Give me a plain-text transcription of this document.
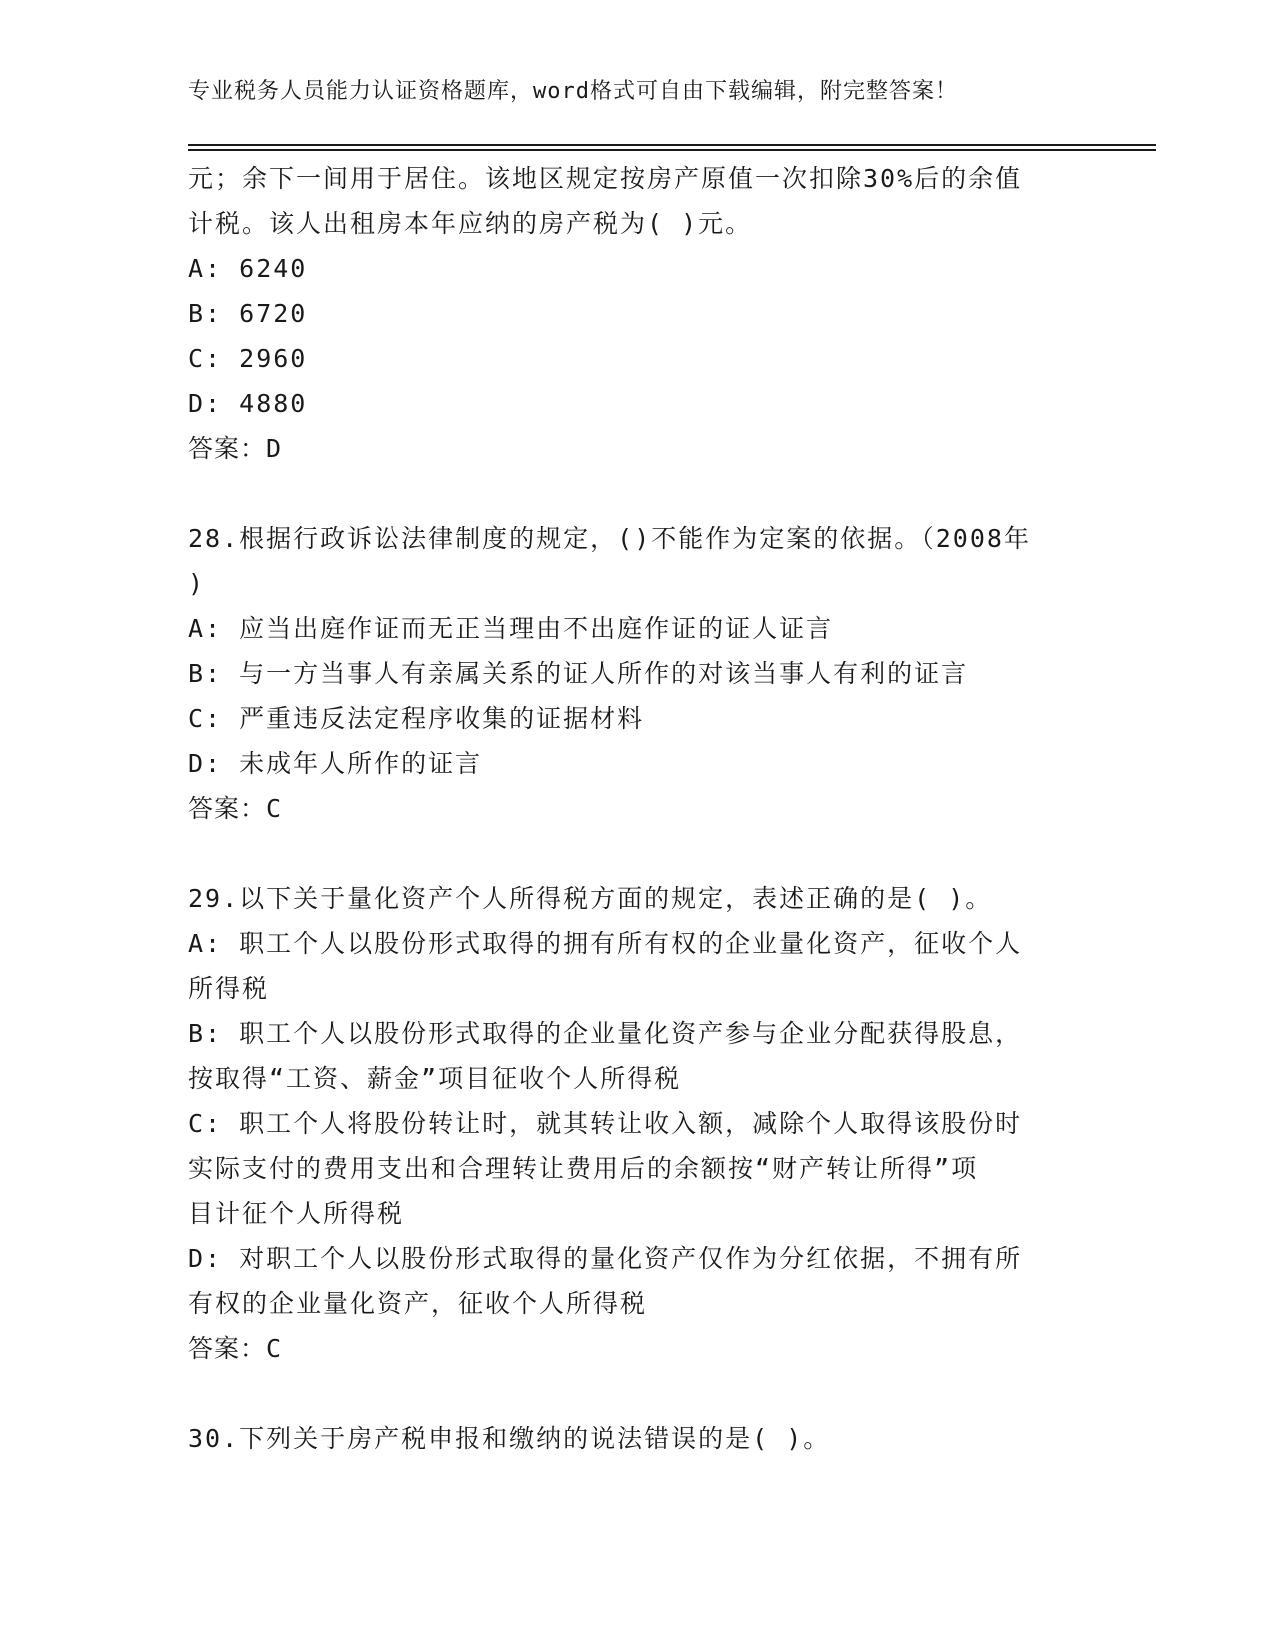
专业税务人员能力认证资格题库，word格式可自由下载编辑，附完整答案！
元；余下一间用于居住。该地区规定按房产原值一次扣除30%后的余值
计税。该人出租房本年应纳的房产税为( )元。
A: 6240
B: 6720
C: 2960
D: 4880
答案：D
28.根据行政诉讼法律制度的规定，()不能作为定案的依据。（2008年
)
A: 应当出庭作证而无正当理由不出庭作证的证人证言
B: 与一方当事人有亲属关系的证人所作的对该当事人有利的证言
C: 严重违反法定程序收集的证据材料
D: 未成年人所作的证言
答案：C
29.以下关于量化资产个人所得税方面的规定，表述正确的是( )。
A: 职工个人以股份形式取得的拥有所有权的企业量化资产，征收个人
所得税
B: 职工个人以股份形式取得的企业量化资产参与企业分配获得股息，
按取得“工资、薪金”项目征收个人所得税
C: 职工个人将股份转让时，就其转让收入额，减除个人取得该股份时
实际支付的费用支出和合理转让费用后的余额按“财产转让所得”项
目计征个人所得税
D: 对职工个人以股份形式取得的量化资产仅作为分红依据，不拥有所
有权的企业量化资产，征收个人所得税
答案：C
30.下列关于房产税申报和缴纳的说法错误的是( )。
